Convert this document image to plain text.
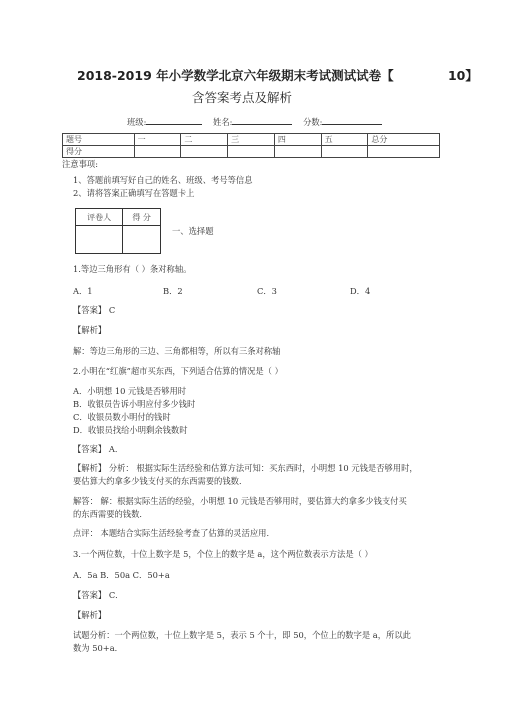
2018-2019 年小学数学北京六年级期末考试测试试卷【	10】
含答案考点及解析
班级:	姓名:	分数:
题号	一	二	三	四	五	总分
得分						
注意事项:
1、答题前填写好自己的姓名、班级、考号等信息
2、请将答案正确填写在答题卡上
评卷人	得 分

一、选择题
1.等边三角形有（ ）条对称轴。
A．1	B．2	C．3	D．4
【答案】 C
【解析】
解：等边三角形的三边、三角都相等，所以有三条对称轴
2.小明在“红旗”超市买东西，下列适合估算的情况是（ ）
A．小明想 10 元钱是否够用时
B．收银员告诉小明应付多少钱时
C．收银员数小明付的钱时
D．收银员找给小明剩余钱数时
【答案】 A．
【解析】 分析： 根据实际生活经验和估算方法可知：买东西时，小明想 10 元钱是否够用时，
要估算大约拿多少钱支付买的东西需要的钱数．
解答： 解：根据实际生活的经验，小明想 10 元钱是否够用时，要估算大约拿多少钱支付买
的东西需要的钱数．
点评： 本题结合实际生活经验考查了估算的灵活应用．
3.一个两位数，十位上数字是 5，个位上的数字是 a，这个两位数表示方法是（ ）
A．5a B．50a C．50+a
【答案】 C．
【解析】
试题分析：一个两位数，十位上数字是 5，表示 5 个十，即 50，个位上的数字是 a，所以此
数为 50+a．
